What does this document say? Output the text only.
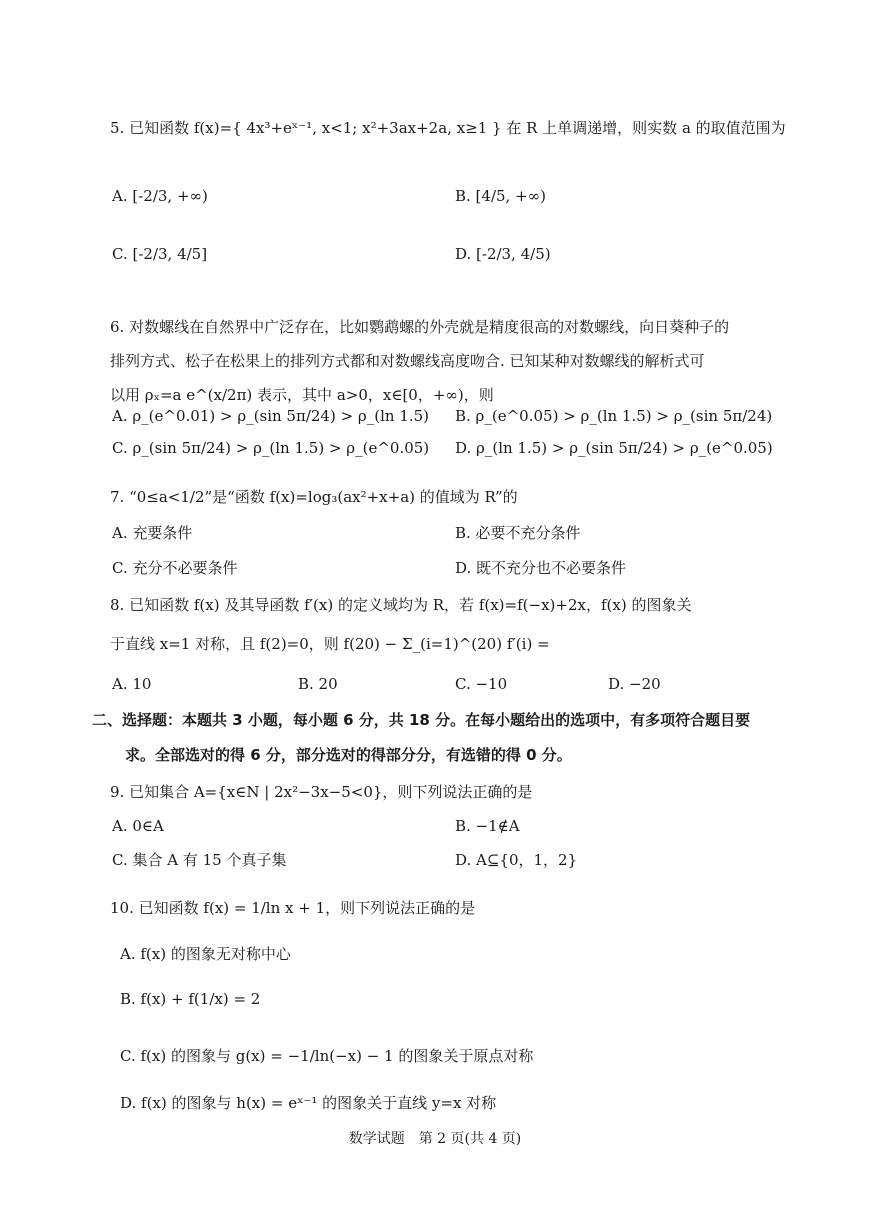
5. 已知函数 f(x)={ 4x³+eˣ⁻¹, x<1; x²+3ax+2a, x≥1 } 在 R 上单调递增，则实数 a 的取值范围为
A. [-2/3, +∞)	B. [4/5, +∞)
C. [-2/3, 4/5]	D. [-2/3, 4/5)
6. 对数螺线在自然界中广泛存在，比如鹦鹉螺的外壳就是精度很高的对数螺线，向日葵种子的
排列方式、松子在松果上的排列方式都和对数螺线高度吻合. 已知某种对数螺线的解析式可
以用 ρₓ=a e^(x/2π) 表示，其中 a>0，x∈[0，+∞)，则
A. ρ_(e^0.01) > ρ_(sin 5π/24) > ρ_(ln 1.5) B. ρ_(e^0.05) > ρ_(ln 1.5) > ρ_(sin 5π/24)
C. ρ_(sin 5π/24) > ρ_(ln 1.5) > ρ_(e^0.05) D. ρ_(ln 1.5) > ρ_(sin 5π/24) > ρ_(e^0.05)
7. “0≤a<1/2”是“函数 f(x)=log₃(ax²+x+a) 的值域为 R”的
A. 充要条件	B. 必要不充分条件
C. 充分不必要条件	D. 既不充分也不必要条件
8. 已知函数 f(x) 及其导函数 f′(x) 的定义域均为 R，若 f(x)=f(−x)+2x，f(x) 的图象关
于直线 x=1 对称，且 f(2)=0，则 f(20) − Σ_(i=1)^(20) f′(i) =
A. 10	B. 20	C. −10	D. −20
二、选择题：本题共 3 小题，每小题 6 分，共 18 分。在每小题给出的选项中，有多项符合题目要
求。全部选对的得 6 分，部分选对的得部分分，有选错的得 0 分。
9. 已知集合 A={x∈N | 2x²−3x−5<0}，则下列说法正确的是
A. 0∈A	B. −1∉A
C. 集合 A 有 15 个真子集	D. A⊆{0，1，2}
10. 已知函数 f(x) = 1/ln x + 1，则下列说法正确的是
A. f(x) 的图象无对称中心
B. f(x) + f(1/x) = 2
C. f(x) 的图象与 g(x) = −1/ln(−x) − 1 的图象关于原点对称
D. f(x) 的图象与 h(x) = eˣ⁻¹ 的图象关于直线 y=x 对称
数学试题　第 2 页(共 4 页)
